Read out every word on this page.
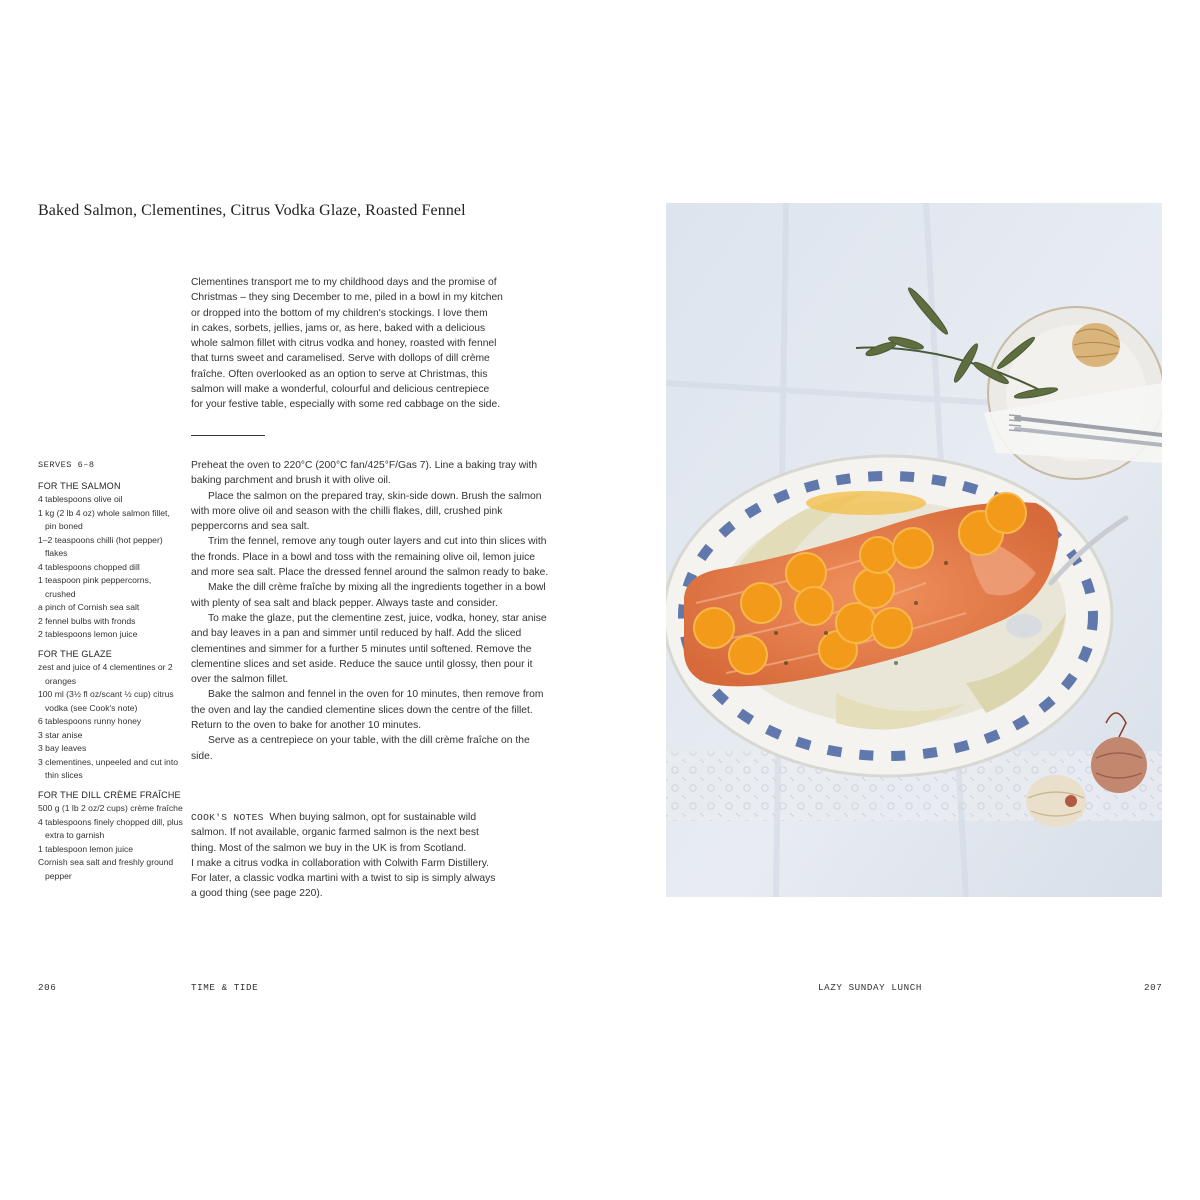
Baked Salmon, Clementines, Citrus Vodka Glaze, Roasted Fennel
Clementines transport me to my childhood days and the promise of
Christmas – they sing December to me, piled in a bowl in my kitchen
or dropped into the bottom of my children's stockings. I love them
in cakes, sorbets, jellies, jams or, as here, baked with a delicious
whole salmon fillet with citrus vodka and honey, roasted with fennel
that turns sweet and caramelised. Serve with dollops of dill crème
fraîche. Often overlooked as an option to serve at Christmas, this
salmon will make a wonderful, colourful and delicious centrepiece
for your festive table, especially with some red cabbage on the side.
SERVES 6–8
FOR THE SALMON
4 tablespoons olive oil
1 kg (2 lb 4 oz) whole salmon fillet, pin boned
1–2 teaspoons chilli (hot pepper) flakes
4 tablespoons chopped dill
1 teaspoon pink peppercorns, crushed
a pinch of Cornish sea salt
2 fennel bulbs with fronds
2 tablespoons lemon juice
FOR THE GLAZE
zest and juice of 4 clementines or 2 oranges
100 ml (3½ fl oz/scant ½ cup) citrus vodka (see Cook's note)
6 tablespoons runny honey
3 star anise
3 bay leaves
3 clementines, unpeeled and cut into thin slices
FOR THE DILL CRÈME FRAÎCHE
500 g (1 lb 2 oz/2 cups) crème fraîche
4 tablespoons finely chopped dill, plus extra to garnish
1 tablespoon lemon juice
Cornish sea salt and freshly ground pepper

Preheat the oven to 220°C (200°C fan/425°F/Gas 7). Line a baking tray with baking parchment and brush it with olive oil.

Place the salmon on the prepared tray, skin-side down. Brush the salmon with more olive oil and season with the chilli flakes, dill, crushed pink peppercorns and sea salt.

Trim the fennel, remove any tough outer layers and cut into thin slices with the fronds. Place in a bowl and toss with the remaining olive oil, lemon juice and more sea salt. Place the dressed fennel around the salmon ready to bake.

Make the dill crème fraîche by mixing all the ingredients together in a bowl with plenty of sea salt and black pepper. Always taste and consider.

To make the glaze, put the clementine zest, juice, vodka, honey, star anise and bay leaves in a pan and simmer until reduced by half. Add the sliced clementines and simmer for a further 5 minutes until softened. Remove the clementine slices and set aside. Reduce the sauce until glossy, then pour it over the salmon fillet.

Bake the salmon and fennel in the oven for 10 minutes, then remove from the oven and lay the candied clementine slices down the centre of the fillet. Return to the oven to bake for another 10 minutes.

Serve as a centrepiece on your table, with the dill crème fraîche on the side.

COOK'S NOTES When buying salmon, opt for sustainable wild
salmon. If not available, organic farmed salmon is the next best
thing. Most of the salmon we buy in the UK is from Scotland.
I make a citrus vodka in collaboration with Colwith Farm Distillery.
For later, a classic vodka martini with a twist to sip is simply always
a good thing (see page 220).
206	TIME & TIDE	LAZY SUNDAY LUNCH	207
